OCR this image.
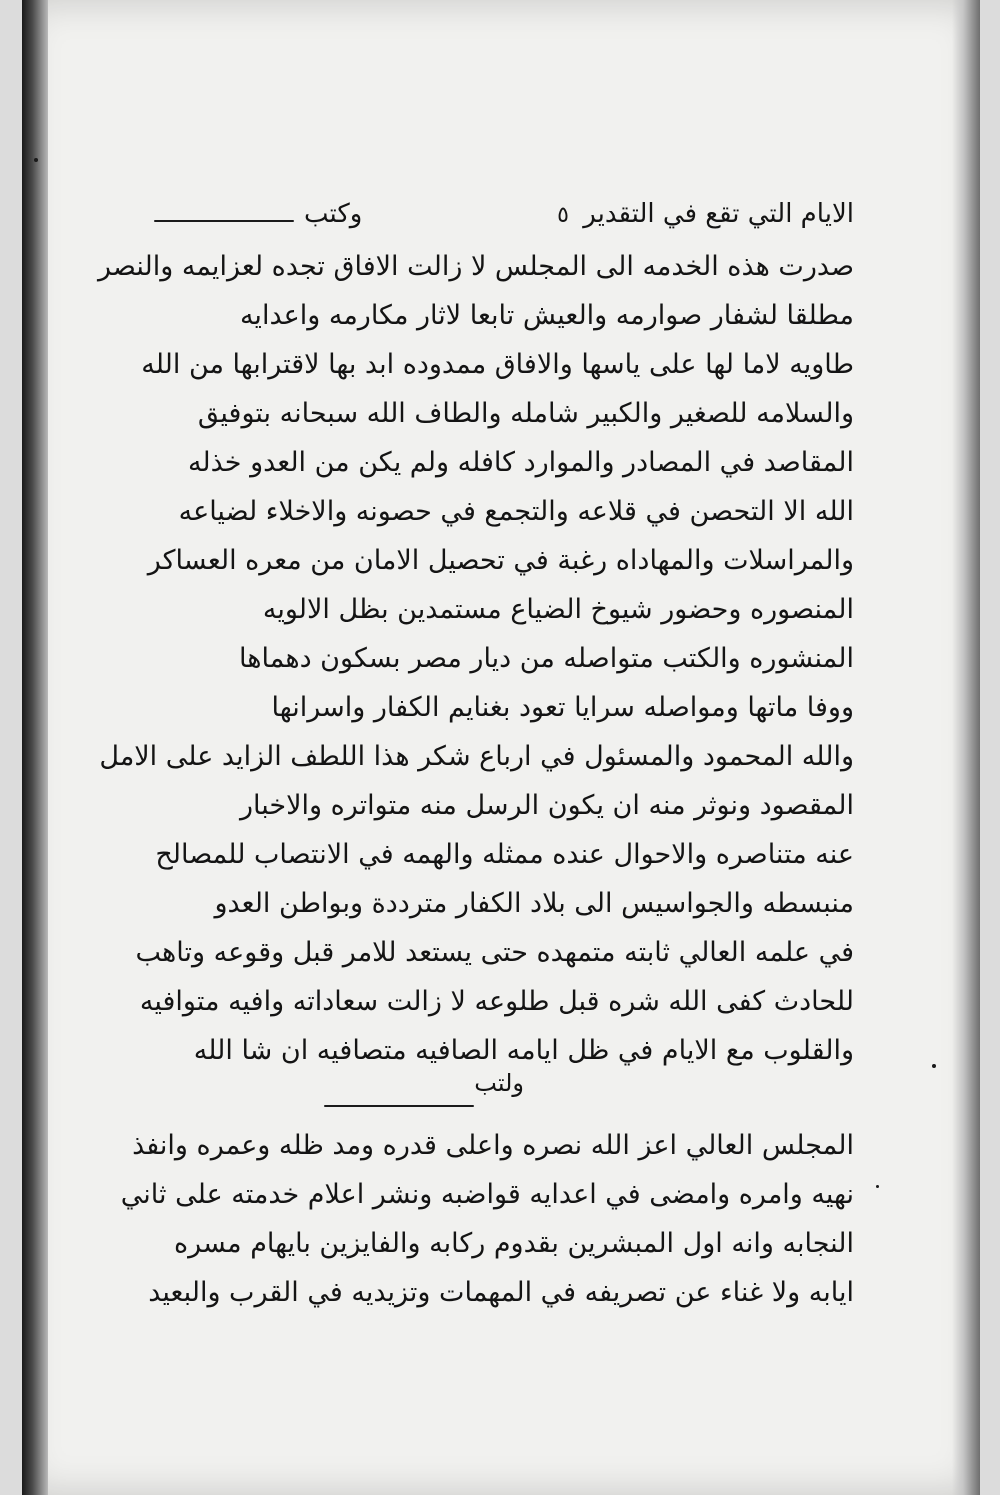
الايام التي تقع في التقدير ٥
وكتب
صدرت هذه الخدمه الى المجلس لا زالت الافاق تجده لعزايمه والنصر
مطلقا لشفار صوارمه والعيش تابعا لاثار مكارمه واعدايه
طاويه لاما لها على ياسها والافاق ممدوده ابد بها لاقترابها من الله
والسلامه للصغير والكبير شامله والطاف الله سبحانه بتوفيق
المقاصد في المصادر والموارد كافله ولم يكن من العدو خذله
الله الا التحصن في قلاعه والتجمع في حصونه والاخلاء لضياعه
والمراسلات والمهاداه رغبة في تحصيل الامان من معره العساكر
المنصوره وحضور شيوخ الضياع مستمدين بظل الالويه
المنشوره والكتب متواصله من ديار مصر بسكون دهماها
ووفا ماتها ومواصله سرايا تعود بغنايم الكفار واسرانها
والله المحمود والمسئول في ارباع شكر هذا اللطف الزايد على الامل
المقصود ونوثر منه ان يكون الرسل منه متواتره والاخبار
عنه متناصره والاحوال عنده ممثله والهمه في الانتصاب للمصالح
منبسطه والجواسيس الى بلاد الكفار مترددة وبواطن العدو
في علمه العالي ثابته متمهده حتى يستعد للامر قبل وقوعه وتاهب
للحادث كفى الله شره قبل طلوعه لا زالت سعاداته وافيه متوافيه
والقلوب مع الايام في ظل ايامه الصافيه متصافيه ان شا الله
ولتب
المجلس العالي اعز الله نصره واعلى قدره ومد ظله وعمره وانفذ
نهيه وامره وامضى في اعدايه قواضبه ونشر اعلام خدمته على ثاني
النجابه وانه اول المبشرين بقدوم ركابه والفايزين بايهام مسره
ايابه ولا غناء عن تصريفه في المهمات وتزيديه في القرب والبعيد
